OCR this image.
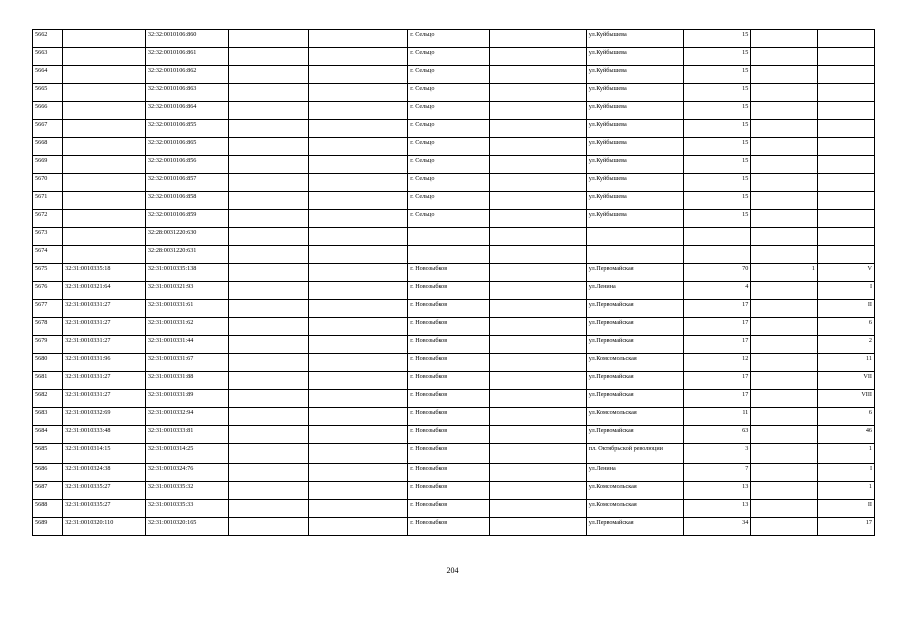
5662		32:32:0010106:860			г. Сельцо		ул.Куйбышева	15		
5663		32:32:0010106:861			г. Сельцо		ул.Куйбышева	15		
5664		32:32:0010106:862			г. Сельцо		ул.Куйбышева	15		
5665		32:32:0010106:863			г. Сельцо		ул.Куйбышева	15		
5666		32:32:0010106:864			г. Сельцо		ул.Куйбышева	15		
5667		32:32:0010106:855			г. Сельцо		ул.Куйбышева	15		
5668		32:32:0010106:865			г. Сельцо		ул.Куйбышева	15		
5669		32:32:0010106:856			г. Сельцо		ул.Куйбышева	15		
5670		32:32:0010106:857			г. Сельцо		ул.Куйбышева	15		
5671		32:32:0010106:858			г. Сельцо		ул.Куйбышева	15		
5672		32:32:0010106:859			г. Сельцо		ул.Куйбышева	15		
5673		32:28:0031220:630								
5674		32:28:0031220:631								
5675	32:31:0010335:18	32:31:0010335:138			г. Новозыбков		ул.Первомайская	70	1	V
5676	32:31:0010321:64	32:31:0010321:93			г. Новозыбков		ул.Ленина	4		I
5677	32:31:0010331:27	32:31:0010331:61			г. Новозыбков		ул.Первомайская	17		II
5678	32:31:0010331:27	32:31:0010331:62			г. Новозыбков		ул.Первомайская	17		6
5679	32:31:0010331:27	32:31:0010331:44			г. Новозыбков		ул.Первомайская	17		2
5680	32:31:0010331:96	32:31:0010331:67			г. Новозыбков		ул.Комсомольская	12		11
5681	32:31:0010331:27	32:31:0010331:88			г. Новозыбков		ул.Первомайская	17		VII
5682	32:31:0010331:27	32:31:0010331:89			г. Новозыбков		ул.Первомайская	17		VIII
5683	32:31:0010332:69	32:31:0010332:94			г. Новозыбков		ул.Комсомольская	11		6
5684	32:31:0010333:48	32:31:0010333:81			г. Новозыбков		ул.Первомайская	63		46
5685	32:31:0010314:15	32:31:0010314:25			г. Новозыбков		пл. Октябрьской революции	3		1
5686	32:31:0010324:38	32:31:0010324:76			г. Новозыбков		ул.Ленина	7		I
5687	32:31:0010335:27	32:31:0010335:32			г. Новозыбков		ул.Комсомольская	13		1
5688	32:31:0010335:27	32:31:0010335:33			г. Новозыбков		ул.Комсомольская	13		II
5689	32:31:0010320:110	32:31:0010320:165			г. Новозыбков		ул.Первомайская	34		17
204
